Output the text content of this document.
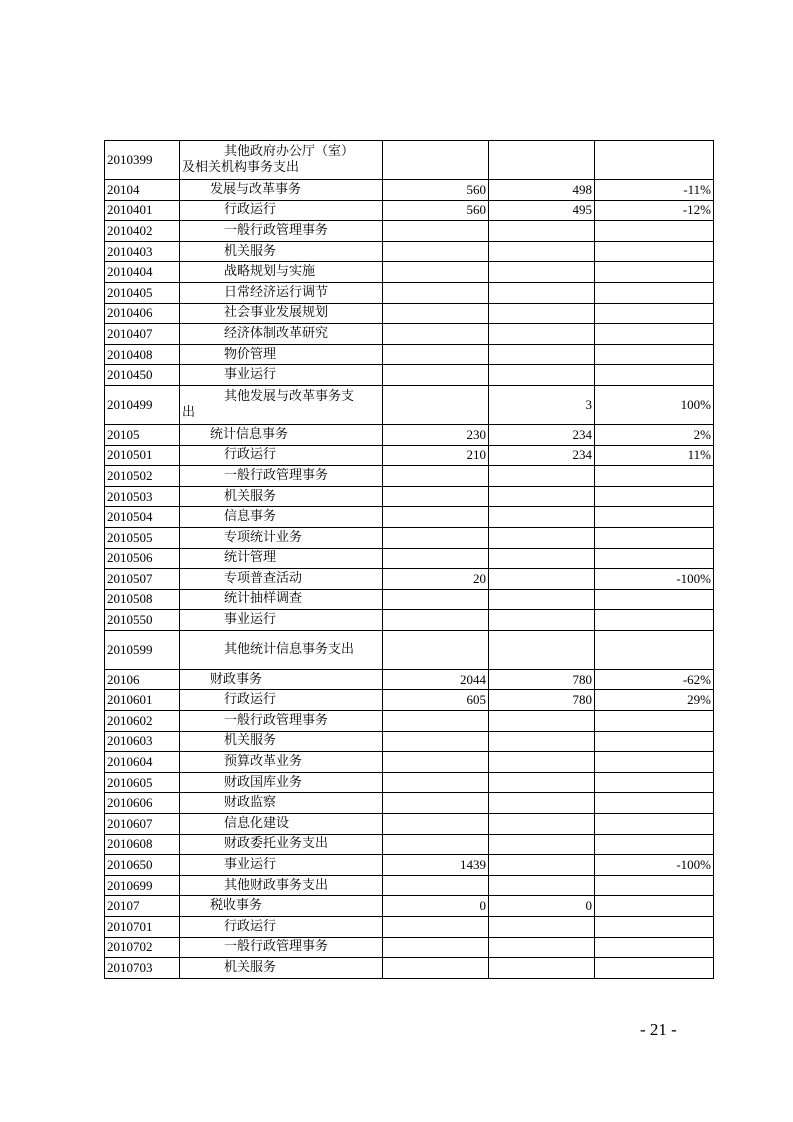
2010399	其他政府办公厅（室）
及相关机构事务支出			
20104	发展与改革事务	560	498	-11%
2010401	行政运行	560	495	-12%
2010402	一般行政管理事务			
2010403	机关服务			
2010404	战略规划与实施			
2010405	日常经济运行调节			
2010406	社会事业发展规划			
2010407	经济体制改革研究			
2010408	物价管理			
2010450	事业运行			
2010499	其他发展与改革事务支
出		3	100%
20105	统计信息事务	230	234	2%
2010501	行政运行	210	234	11%
2010502	一般行政管理事务			
2010503	机关服务			
2010504	信息事务			
2010505	专项统计业务			
2010506	统计管理			
2010507	专项普查活动	20		-100%
2010508	统计抽样调查			
2010550	事业运行			
2010599	其他统计信息事务支出			
20106	财政事务	2044	780	-62%
2010601	行政运行	605	780	29%
2010602	一般行政管理事务			
2010603	机关服务			
2010604	预算改革业务			
2010605	财政国库业务			
2010606	财政监察			
2010607	信息化建设			
2010608	财政委托业务支出			
2010650	事业运行	1439		-100%
2010699	其他财政事务支出			
20107	税收事务	0	0	
2010701	行政运行			
2010702	一般行政管理事务			
2010703	机关服务			
- 21 -
